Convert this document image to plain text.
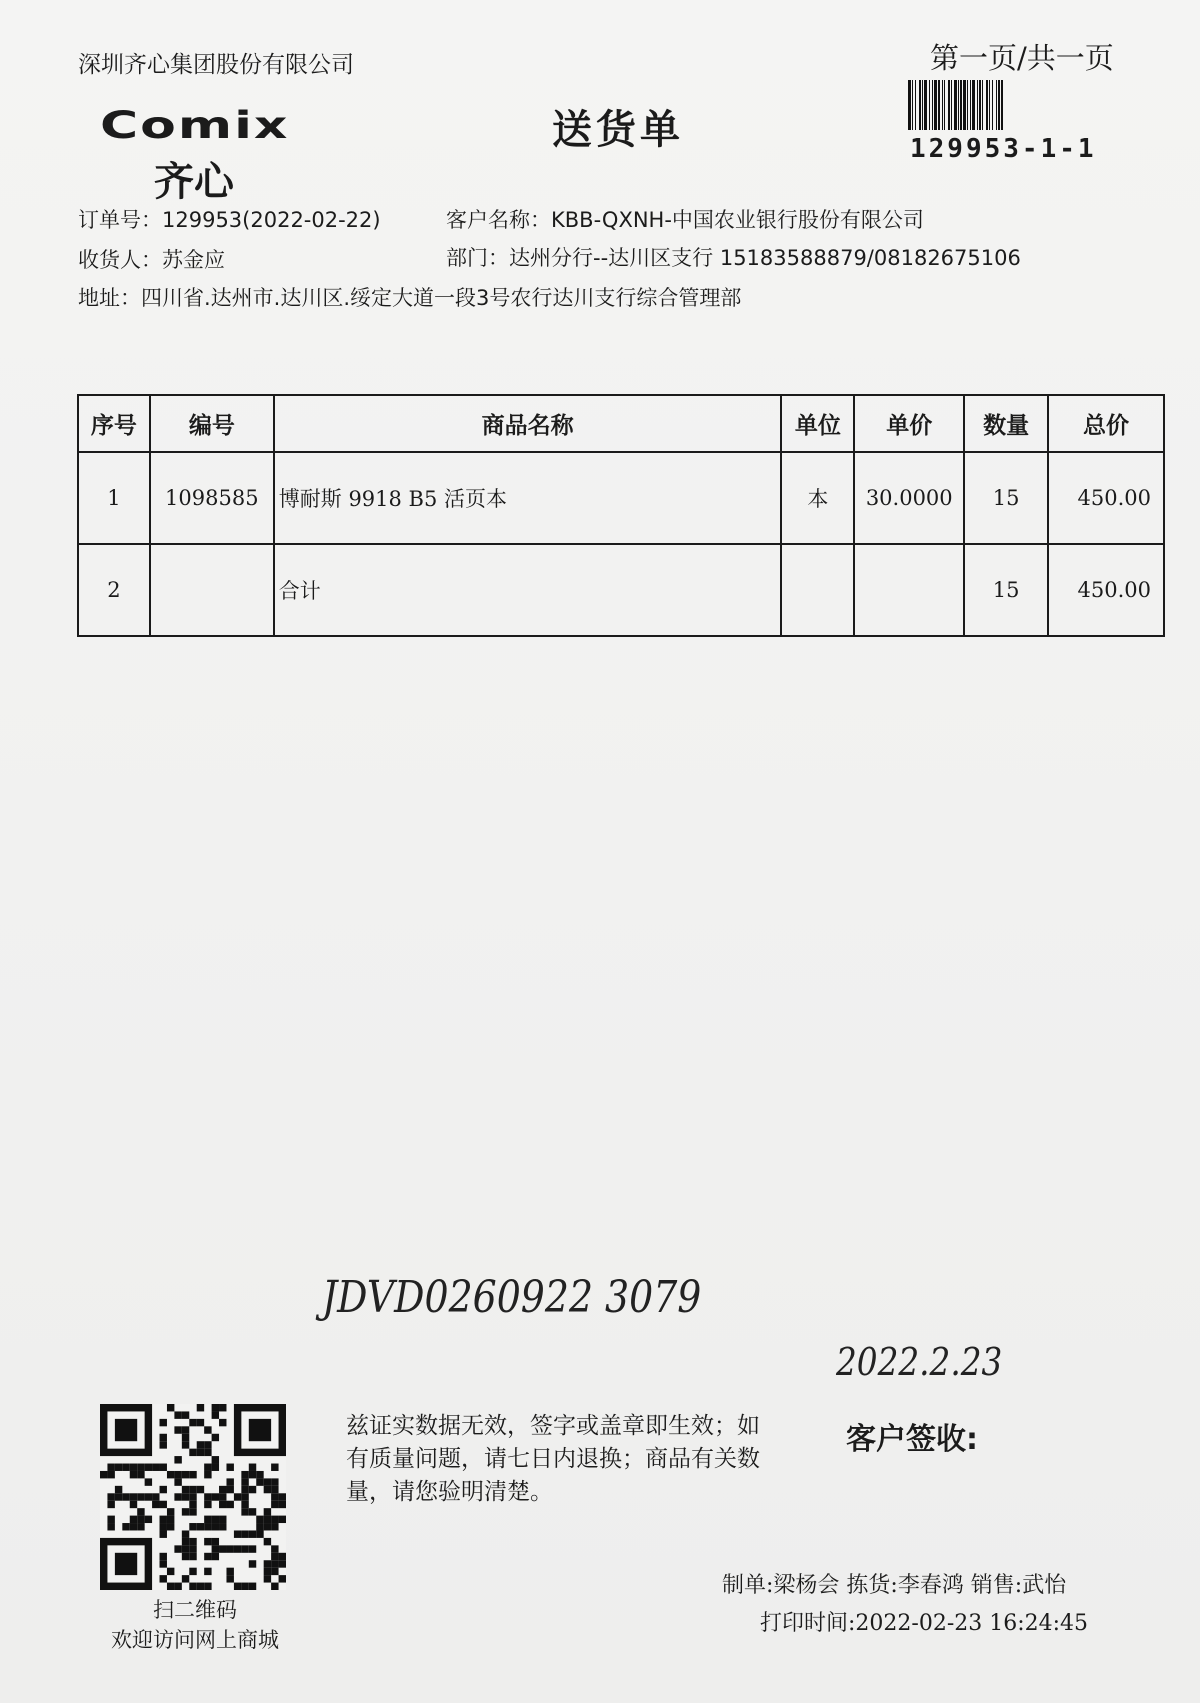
深圳齐心集团股份有限公司	第一页/共一页
129953-1-1
Comix
齐心
送货单
订单号：129953(2022-02-22)	客户名称：KBB-QXNH-中国农业银行股份有限公司
收货人：苏金应	部门：达州分行--达川区支行 15183588879/08182675106
地址：四川省.达州市.达川区.绥定大道一段3号农行达川支行综合管理部
序号	编号	商品名称	单位	单价	数量	总价
1	1098585	博耐斯 9918 B5 活页本	本	30.0000	15	450.00
2		合计			15	450.00
JDVD0260922 3079
2022.2.23
扫二维码
欢迎访问网上商城
兹证实数据无效，签字或盖章即生效；如有质量问题，请七日内退换；商品有关数量，请您验明清楚。
客户签收:
制单:梁杨会 拣货:李春鸿 销售:武怡
打印时间:2022-02-23 16:24:45
